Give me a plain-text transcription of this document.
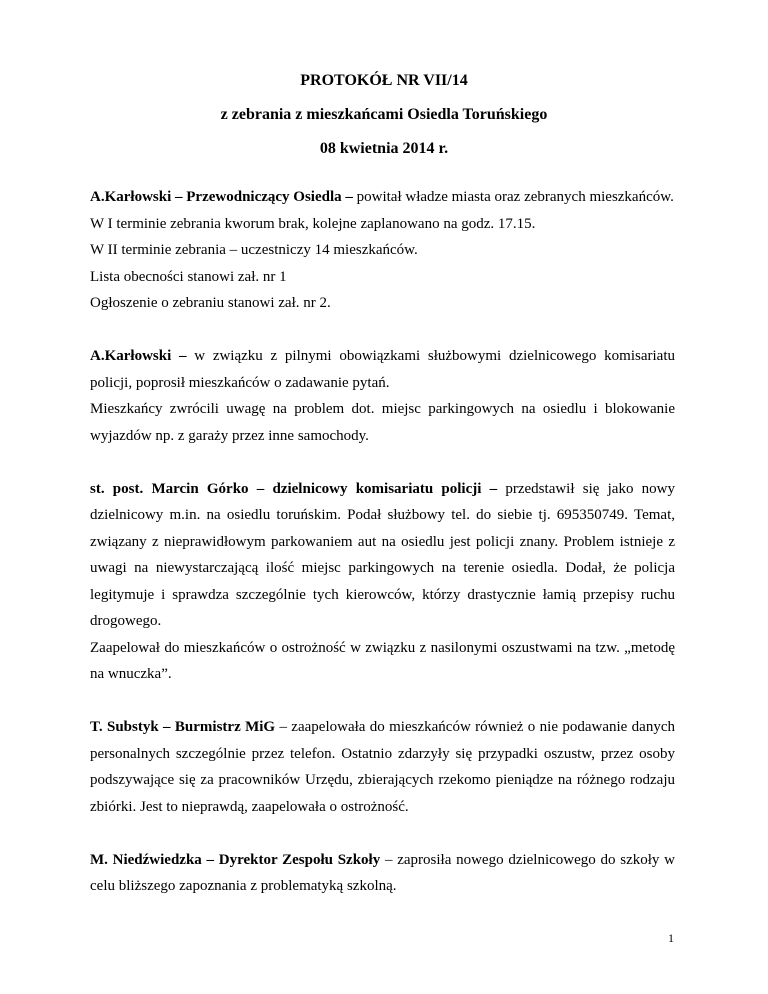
PROTOKÓŁ NR VII/14
z zebrania z mieszkańcami Osiedla Toruńskiego
08 kwietnia 2014 r.
A.Karłowski – Przewodniczący Osiedla – powitał władze miasta oraz zebranych mieszkańców.
W I terminie zebrania kworum brak, kolejne zaplanowano na godz. 17.15.
W II terminie zebrania – uczestniczy 14 mieszkańców.
Lista obecności stanowi zał. nr 1
Ogłoszenie o zebraniu stanowi zał. nr 2.
A.Karłowski – w związku z pilnymi obowiązkami służbowymi dzielnicowego komisariatu policji, poprosił mieszkańców o zadawanie pytań.
Mieszkańcy zwrócili uwagę na problem dot. miejsc parkingowych na osiedlu i blokowanie wyjazdów np. z garaży przez inne samochody.
st. post. Marcin Górko – dzielnicowy komisariatu policji – przedstawił się jako nowy dzielnicowy m.in. na osiedlu toruńskim. Podał służbowy tel. do siebie tj. 695350749. Temat, związany z nieprawidłowym parkowaniem aut na osiedlu jest policji znany. Problem istnieje z uwagi na niewystarczającą ilość miejsc parkingowych na terenie osiedla. Dodał, że policja legitymuje i sprawdza szczególnie tych kierowców, którzy drastycznie łamią przepisy ruchu drogowego.
Zaapelował do mieszkańców o ostrożność w związku z nasilonymi oszustwami na tzw. „metodę na wnuczka”.
T. Substyk – Burmistrz MiG – zaapelowała do mieszkańców również o nie podawanie danych personalnych szczególnie przez telefon. Ostatnio zdarzyły się przypadki oszustw, przez osoby podszywające się za pracowników Urzędu, zbierających rzekomo pieniądze na różnego rodzaju zbiórki. Jest to nieprawdą, zaapelowała o ostrożność.
M. Niedźwiedzka – Dyrektor Zespołu Szkoły – zaprosiła nowego dzielnicowego do szkoły w celu bliższego zapoznania z problematyką szkolną.
1
